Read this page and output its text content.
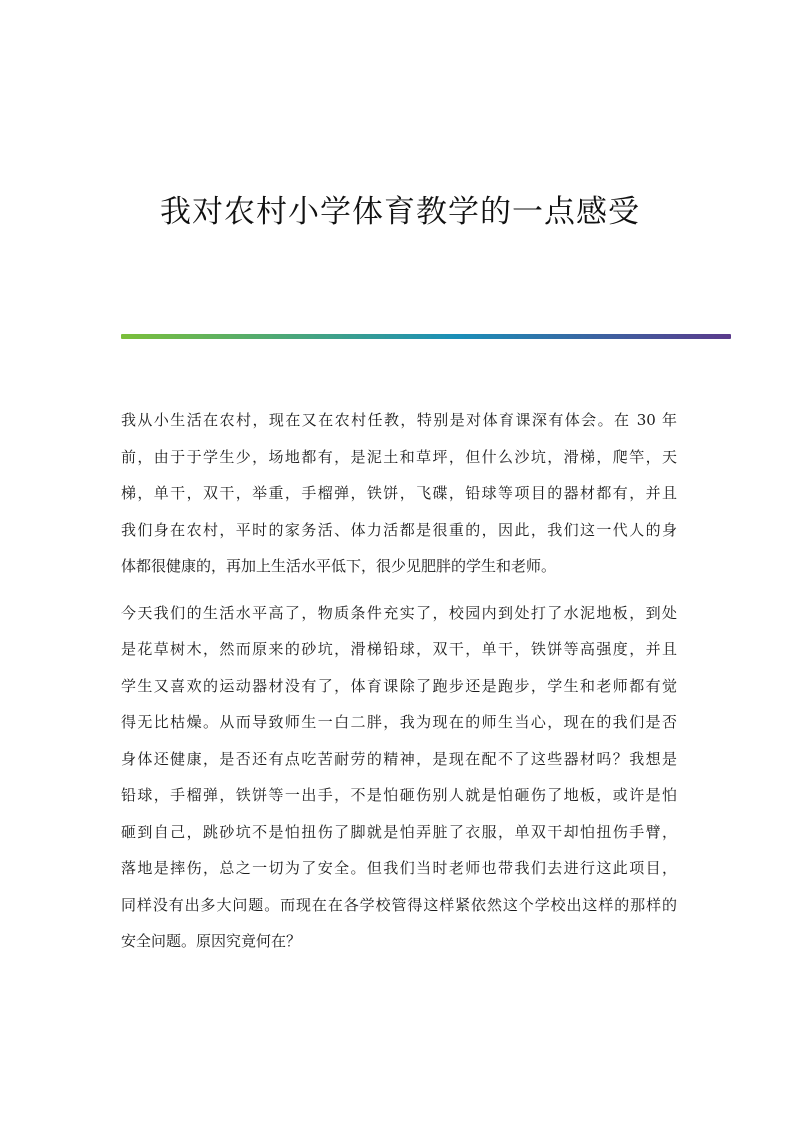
我对农村小学体育教学的一点感受

我从小生活在农村，现在又在农村任教，特别是对体育课深有体会。在 30 年
前，由于于学生少，场地都有，是泥土和草坪，但什么沙坑，滑梯，爬竿，天
梯，单干，双干，举重，手榴弹，铁饼，飞碟，铅球等项目的器材都有，并且
我们身在农村，平时的家务活、体力活都是很重的，因此，我们这一代人的身
体都很健康的，再加上生活水平低下，很少见肥胖的学生和老师。

今天我们的生活水平高了，物质条件充实了，校园内到处打了水泥地板，到处
是花草树木，然而原来的砂坑，滑梯铅球，双干，单干，铁饼等高强度，并且
学生又喜欢的运动器材没有了，体育课除了跑步还是跑步，学生和老师都有觉
得无比枯燥。从而导致师生一白二胖，我为现在的师生当心，现在的我们是否
身体还健康，是否还有点吃苦耐劳的精神，是现在配不了这些器材吗？我想是
铅球，手榴弹，铁饼等一出手，不是怕砸伤别人就是怕砸伤了地板，或许是怕
砸到自己，跳砂坑不是怕扭伤了脚就是怕弄脏了衣服，单双干却怕扭伤手臂，
落地是摔伤，总之一切为了安全。但我们当时老师也带我们去进行这此项目，
同样没有出多大问题。而现在在各学校管得这样紧依然这个学校出这样的那样的
安全问题。原因究竟何在？
